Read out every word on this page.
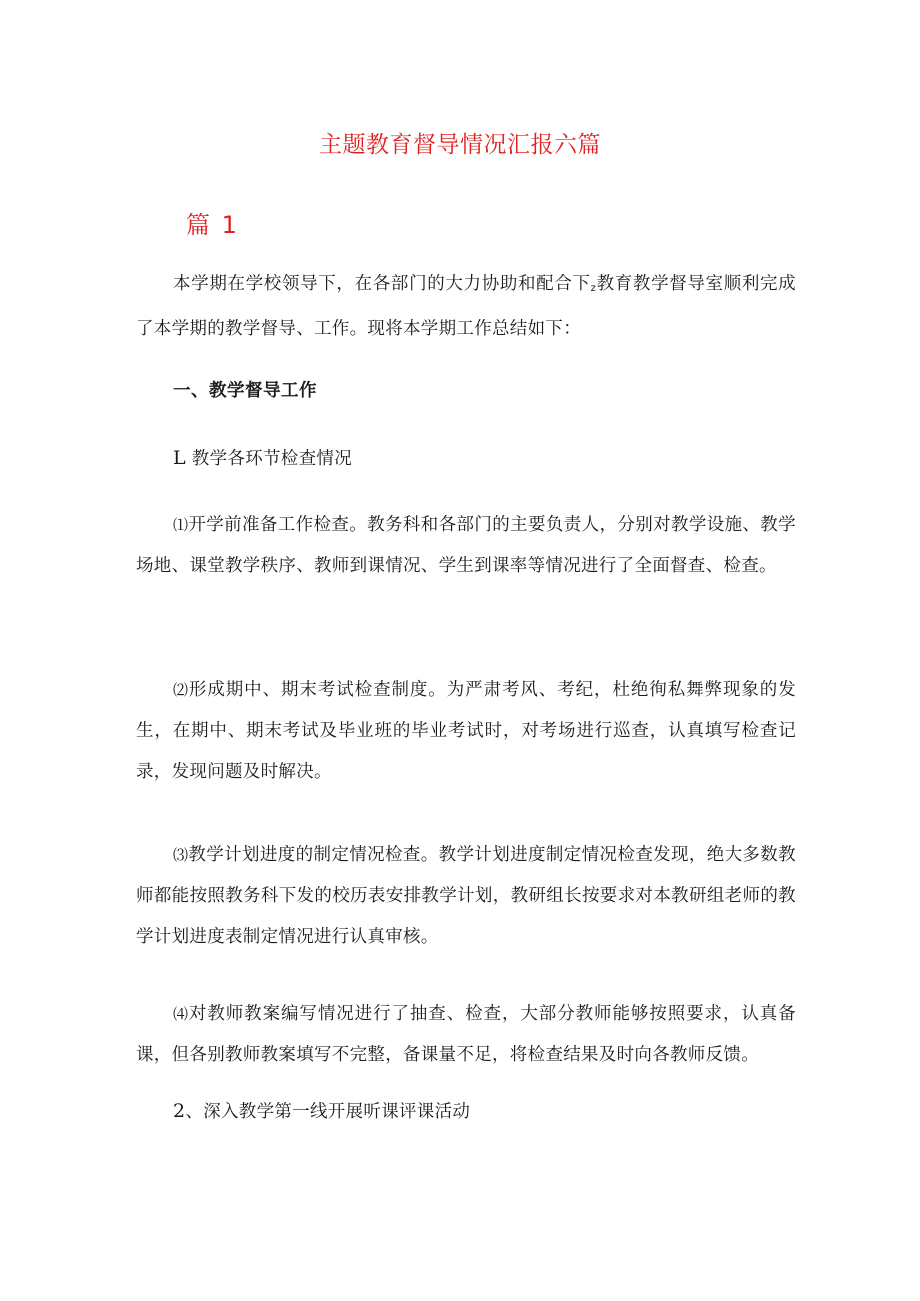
主题教育督导情况汇报六篇
篇 1

本学期在学校领导下，在各部门的大力协助和配合下z教育教学督导室顺利完成了本学期的教学督导、工作。现将本学期工作总结如下：

一、教学督导工作

L 教学各环节检查情况

⑴开学前准备工作检查。教务科和各部门的主要负责人，分别对教学设施、教学场地、课堂教学秩序、教师到课情况、学生到课率等情况进行了全面督查、检查。

⑵形成期中、期末考试检查制度。为严肃考风、考纪，杜绝徇私舞弊现象的发生，在期中、期末考试及毕业班的毕业考试时，对考场进行巡查，认真填写检查记录，发现问题及时解决。

⑶教学计划进度的制定情况检查。教学计划进度制定情况检查发现，绝大多数教师都能按照教务科下发的校历表安排教学计划，教研组长按要求对本教研组老师的教学计划进度表制定情况进行认真审核。

⑷对教师教案编写情况进行了抽查、检查，大部分教师能够按照要求，认真备课，但各别教师教案填写不完整，备课量不足，将检查结果及时向各教师反馈。

2、深入教学第一线开展听课评课活动
